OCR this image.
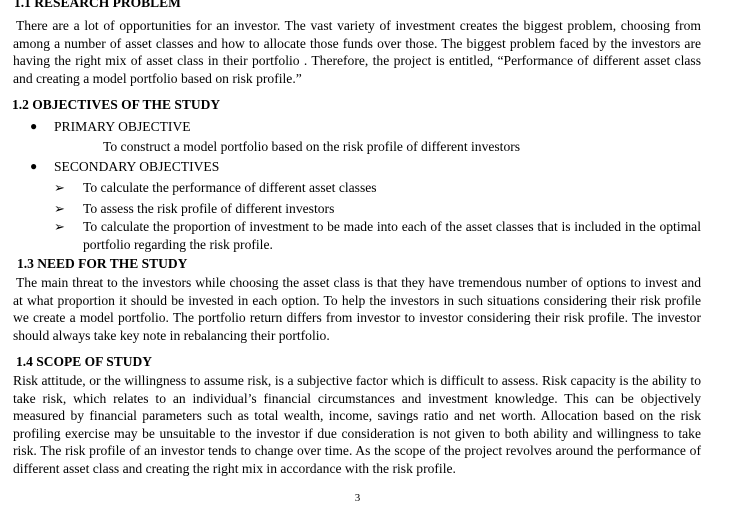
1.1 RESEARCH PROBLEM

There are a lot of opportunities for an investor. The vast variety of investment creates the biggest problem, choosing from among a number of asset classes and how to allocate those funds over those. The biggest problem faced by the investors are having the right mix of asset class in their portfolio . Therefore, the project is entitled, “Performance of different asset class and creating a model portfolio based on risk profile.”

1.2 OBJECTIVES OF THE STUDY
● PRIMARY OBJECTIVE
To construct a model portfolio based on the risk profile of different investors
● SECONDARY OBJECTIVES
➢ To calculate the performance of different asset classes
➢ To assess the risk profile of different investors
➢ To calculate the proportion of investment to be made into each of the asset classes that is included in the optimal portfolio regarding the risk profile.

1.3 NEED FOR THE STUDY

The main threat to the investors while choosing the asset class is that they have tremendous number of options to invest and at what proportion it should be invested in each option. To help the investors in such situations considering their risk profile we create a model portfolio. The portfolio return differs from investor to investor considering their risk profile. The investor should always take key note in rebalancing their portfolio.

1.4 SCOPE OF STUDY

Risk attitude, or the willingness to assume risk, is a subjective factor which is difficult to assess. Risk capacity is the ability to take risk, which relates to an individual’s financial circumstances and investment knowledge. This can be objectively measured by financial parameters such as total wealth, income, savings ratio and net worth. Allocation based on the risk profiling exercise may be unsuitable to the investor if due consideration is not given to both ability and willingness to take risk. The risk profile of an investor tends to change over time. As the scope of the project revolves around the performance of different asset class and creating the right mix in accordance with the risk profile.

3
